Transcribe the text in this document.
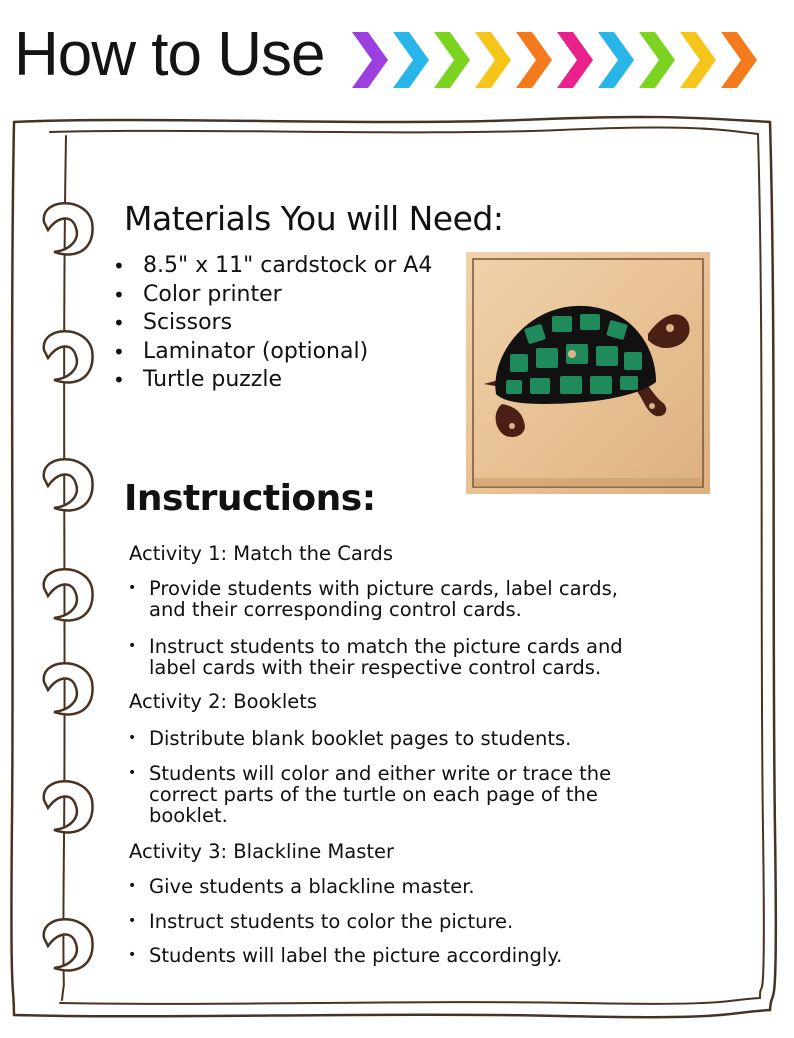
How to Use
Materials You will Need:
• 8.5" x 11" cardstock or A4
• Color printer
• Scissors
• Laminator (optional)
• Turtle puzzle
Instructions:
Activity 1: Match the Cards
• Provide students with picture cards, label cards,
and their corresponding control cards.
• Instruct students to match the picture cards and
label cards with their respective control cards.
Activity 2: Booklets
• Distribute blank booklet pages to students.
• Students will color and either write or trace the
correct parts of the turtle on each page of the
booklet.
Activity 3: Blackline Master
• Give students a blackline master.
• Instruct students to color the picture.
• Students will label the picture accordingly.
